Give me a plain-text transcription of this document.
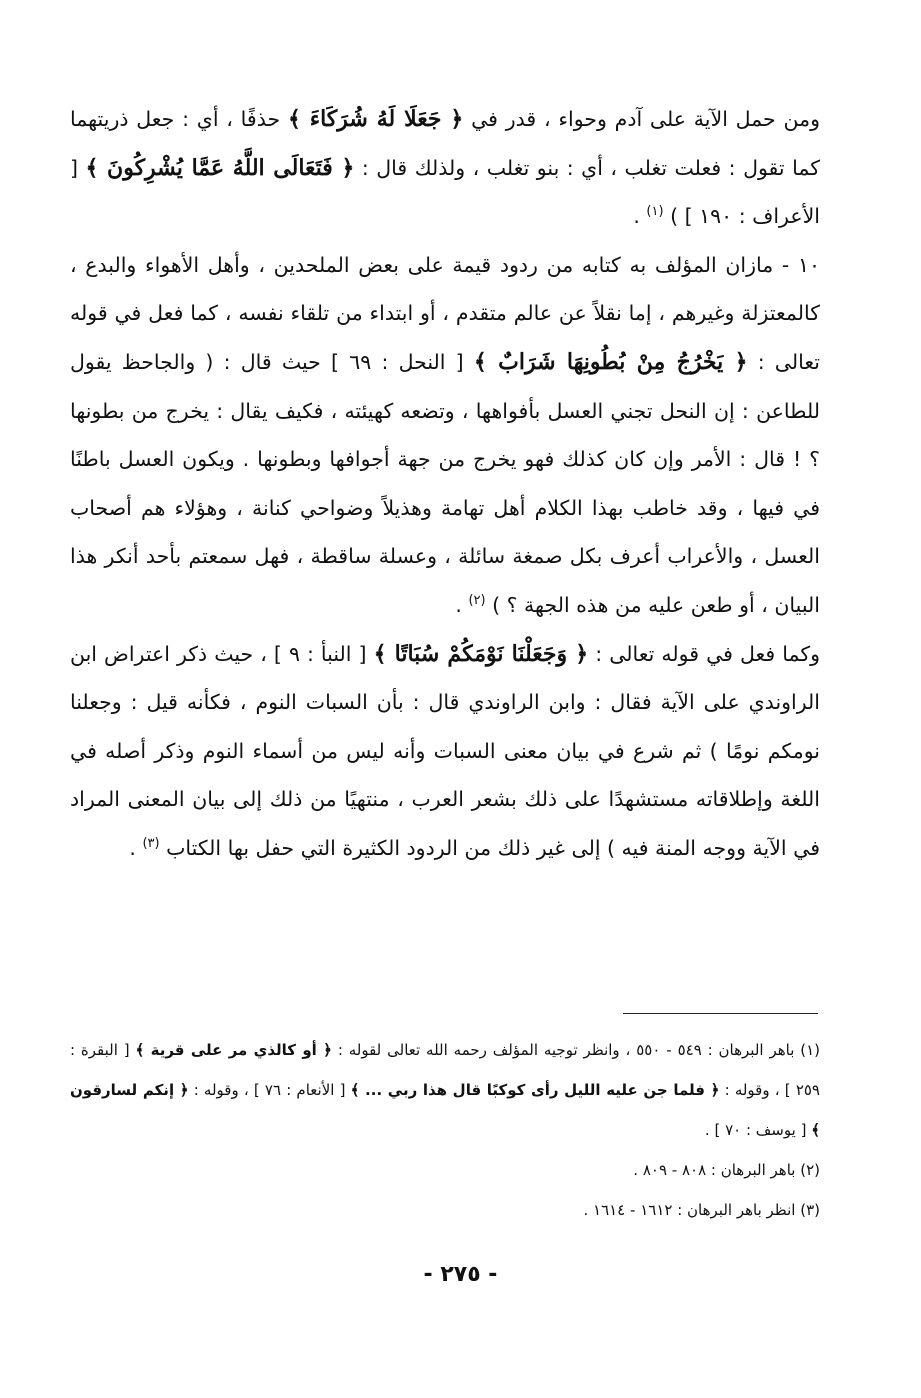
ومن حمل الآية على آدم وحواء ، قدر في ﴿ جَعَلَا لَهُ شُرَكَاءَ ﴾ حذفًا ، أي : جعل ذريتهما كما تقول : فعلت تغلب ، أي : بنو تغلب ، ولذلك قال : ﴿ فَتَعَالَى اللَّهُ عَمَّا يُشْرِكُونَ ﴾ [ الأعراف : ١٩٠ ] ) $^{(١)}$ .

١٠ - مازان المؤلف به كتابه من ردود قيمة على بعض الملحدين ، وأهل الأهواء والبدع ، كالمعتزلة وغيرهم ، إما نقلاً عن عالم متقدم ، أو ابتداء من تلقاء نفسه ، كما فعل في قوله تعالى : ﴿ يَخْرُجُ مِنْ بُطُونِهَا شَرَابٌ ﴾ [ النحل : ٦٩ ] حيث قال : ( والجاحظ يقول للطاعن : إن النحل تجني العسل بأفواهها ، وتضعه كهيئته ، فكيف يقال : يخرج من بطونها ؟ ! قال : الأمر وإن كان كذلك فهو يخرج من جهة أجوافها وبطونها . ويكون العسل باطنًا في فيها ، وقد خاطب بهذا الكلام أهل تهامة وهذيلاً وضواحي كنانة ، وهؤلاء هم أصحاب العسل ، والأعراب أعرف بكل صمغة سائلة ، وعسلة ساقطة ، فهل سمعتم بأحد أنكر هذا البيان ، أو طعن عليه من هذه الجهة ؟ ) $^{(٢)}$ .

وكما فعل في قوله تعالى : ﴿ وَجَعَلْنَا نَوْمَكُمْ سُبَاتًا ﴾ [ النبأ : ٩ ] ، حيث ذكر اعتراض ابن الراوندي على الآية فقال : وابن الراوندي قال : بأن السبات النوم ، فكأنه قيل : وجعلنا نومكم نومًا ) ثم شرع في بيان معنى السبات وأنه ليس من أسماء النوم وذكر أصله في اللغة وإطلاقاته مستشهدًا على ذلك بشعر العرب ، منتهيًا من ذلك إلى بيان المعنى المراد في الآية ووجه المنة فيه ) إلى غير ذلك من الردود الكثيرة التي حفل بها الكتاب $^{(٣)}$ .

(١) باهر البرهان : ٥٤٩ - ٥٥٠ ، وانظر توجيه المؤلف رحمه الله تعالى لقوله : ﴿ أو كالذي مر على قرية ﴾ [ البقرة : ٢٥٩ ] ، وقوله : ﴿ فلما جن عليه الليل رأى كوكبًا قال هذا ربي ... ﴾ [ الأنعام : ٧٦ ] ، وقوله : ﴿ إنكم لسارقون ﴾ [ يوسف : ٧٠ ] .

(٢) باهر البرهان : ٨٠٨ - ٨٠٩ .

(٣) انظر باهر البرهان : ١٦١٢ - ١٦١٤ .

- ٢٧٥ -
